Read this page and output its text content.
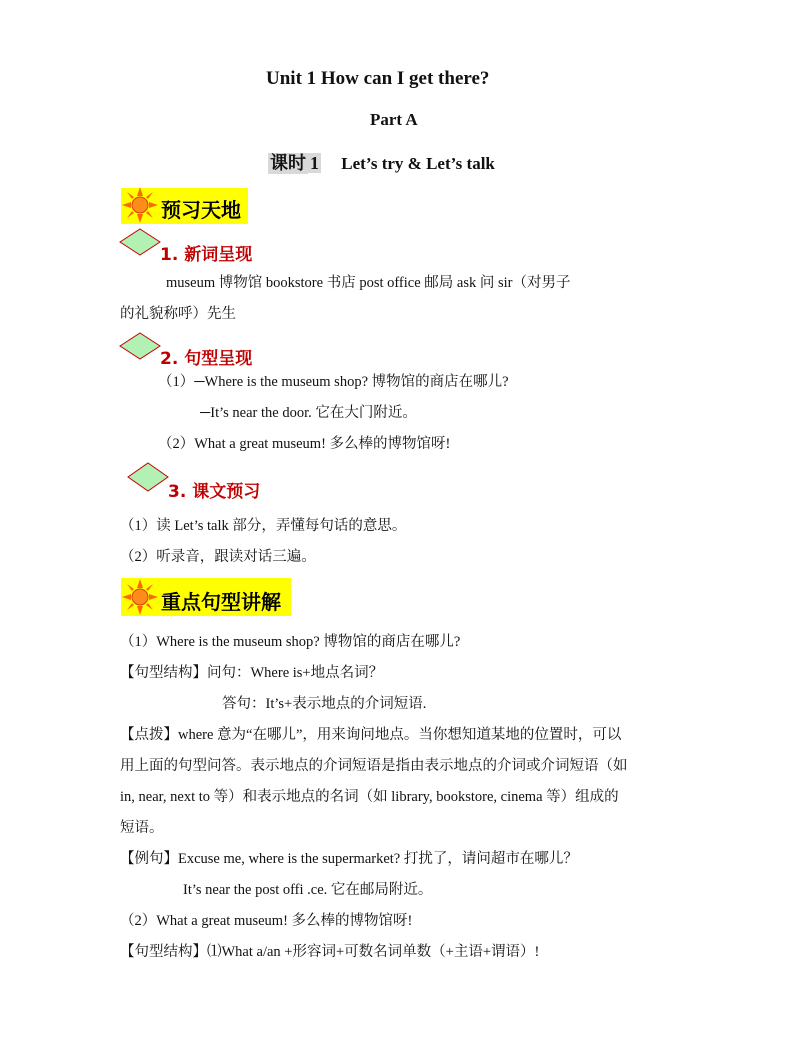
Unit 1 How can I get there?
Part A
课时 1 Let’s try & Let’s talk
预习天地
1. 新词呈现
museum 博物馆 bookstore 书店 post office 邮局 ask 问 sir（对男子
的礼貌称呼）先生
2. 句型呈现
（1）─Where is the museum shop? 博物馆的商店在哪儿?
─It’s near the door. 它在大门附近。
（2）What a great museum! 多么棒的博物馆呀!
3. 课文预习
（1）读 Let’s talk 部分，弄懂每句话的意思。
（2）听录音，跟读对话三遍。
重点句型讲解
（1）Where is the museum shop? 博物馆的商店在哪儿?
【句型结构】问句：Where is+地点名词？
答句：It’s+表示地点的介词短语.
【点拨】where 意为“在哪儿”，用来询问地点。当你想知道某地的位置时，可以
用上面的句型问答。表示地点的介词短语是指由表示地点的介词或介词短语（如
in, near, next to 等）和表示地点的名词（如 library, bookstore, cinema 等）组成的
短语。
【例句】Excuse me, where is the supermarket? 打扰了，请问超市在哪儿？
It’s near the post offi .ce. 它在邮局附近。
（2）What a great museum! 多么棒的博物馆呀!
【句型结构】⑴What a/an +形容词+可数名词单数（+主语+谓语）!
